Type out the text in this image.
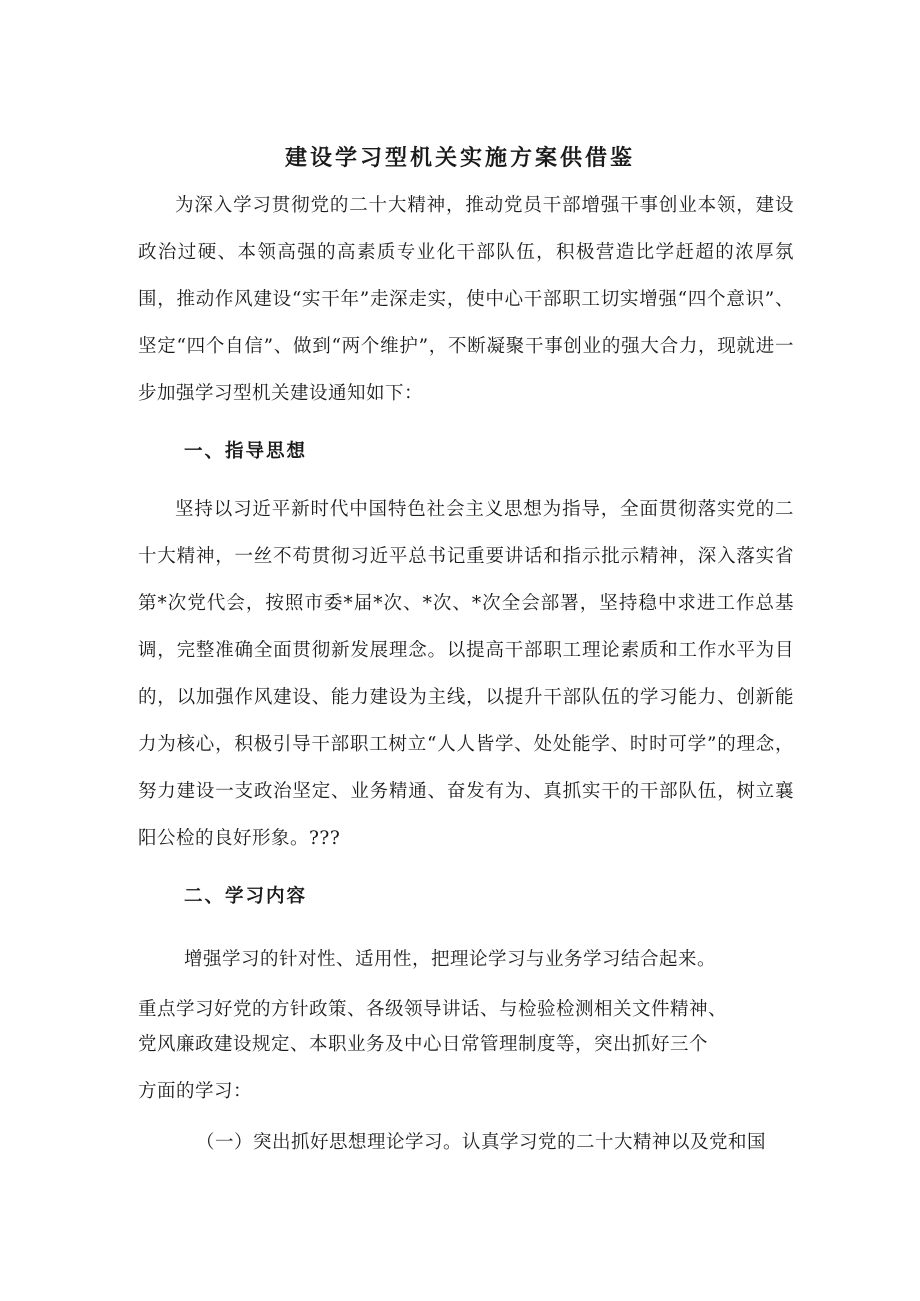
建设学习型机关实施方案供借鉴

为深入学习贯彻党的二十大精神，推动党员干部增强干事创业本领，建设政治过硬、本领高强的高素质专业化干部队伍，积极营造比学赶超的浓厚氛围，推动作风建设“实干年”走深走实，使中心干部职工切实增强“四个意识”、坚定“四个自信”、做到“两个维护”，不断凝聚干事创业的强大合力，现就进一步加强学习型机关建设通知如下：

一、指导思想

坚持以习近平新时代中国特色社会主义思想为指导，全面贯彻落实党的二十大精神，一丝不苟贯彻习近平总书记重要讲话和指示批示精神，深入落实省第*次党代会，按照市委*届*次、*次、*次全会部署，坚持稳中求进工作总基调，完整准确全面贯彻新发展理念。以提高干部职工理论素质和工作水平为目的，以加强作风建设、能力建设为主线，以提升干部队伍的学习能力、创新能力为核心，积极引导干部职工树立“人人皆学、处处能学、时时可学”的理念，努力建设一支政治坚定、业务精通、奋发有为、真抓实干的干部队伍，树立襄阳公检的良好形象。???

二、学习内容

增强学习的针对性、适用性，把理论学习与业务学习结合起来。

重点学习好党的方针政策、各级领导讲话、与检验检测相关文件精神、

党风廉政建设规定、本职业务及中心日常管理制度等，突出抓好三个

方面的学习：

（一）突出抓好思想理论学习。认真学习党的二十大精神以及党和国
